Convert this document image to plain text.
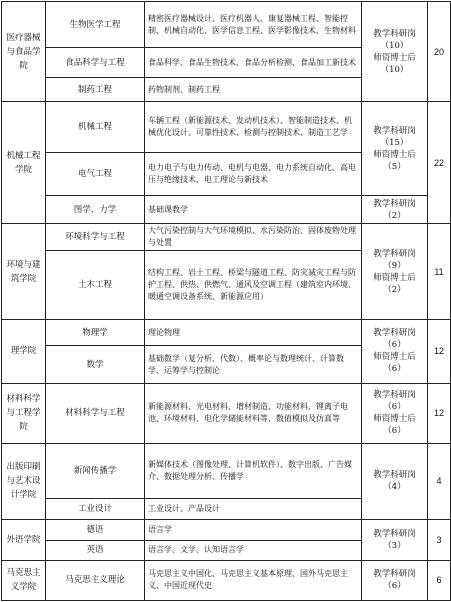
医疗器械与食品学院	生物医学工程	精密医疗器械设计、医疗机器人、康复器械工程、智能控制、机械自动化、医学信息工程、医学影像技术、生物材料	教学科研岗
（10）
师资博士后
（10）	20
	食品科学与工程	食品科学、食品生物技术、食品分析检测、食品加工新技术		
	制药工程	药物制剂、制药工程		
机械工程学院	机械工程	车辆工程（新能源技术、发动机技术）、智能制造技术、机械优化设计、可靠性技术、检测与控制技术、制造工艺学	教学科研岗
（15）
师资博士后
（5）	22
	电气工程	电力电子与电力传动、电机与电器、电力系统自动化、高电压与绝缘技术、电工理论与新技术		
	图学、力学	基础课教学	教学科研岗
（2）	

环境与建筑学院	环境科学与工程	大气污染控制与大气环境模拟、水污染防治、固体废物处理与处置	教学科研岗
（9）
师资博士后
（2）	11
	土木工程	结构工程、岩土工程、桥梁与隧道工程、防灾减灾工程与防护工程、供热、供燃气、通风及空调工程（建筑室内环境、暖通空调设备系统、新能源应用）		
理学院	物理学	理论物理	教学科研岗
（6）
师资博士后
（6）	12
	数学	基础数学（复分析、代数）、概率论与数理统计、计算数学、运筹学与控制论		
材料科学与工程学院	材料科学与工程	新能源材料、光电材料、增材制造、功能材料、锂离子电池、环境材料、电化学储能材料等，数值模拟及仿真等	教学科研岗
（6）
师资博士后
（6）	12
出版印刷与艺术设计学院	新闻传播学	新媒体技术（图像处理、计算机软件）、数字出版、广告媒介、数据处理分析、传播学	教学科研岗
（4）	4
	工业设计	工业设计、产品设计		
外语学院	德语	语言学	教学科研岗
（3）	3
	英语	语言学、文学、认知语言学		
马克思主义学院	马克思主义理论	马克思主义中国化、马克思主义基本原理、国外马克思主义、中国近现代史	教学科研岗
（6）	6
